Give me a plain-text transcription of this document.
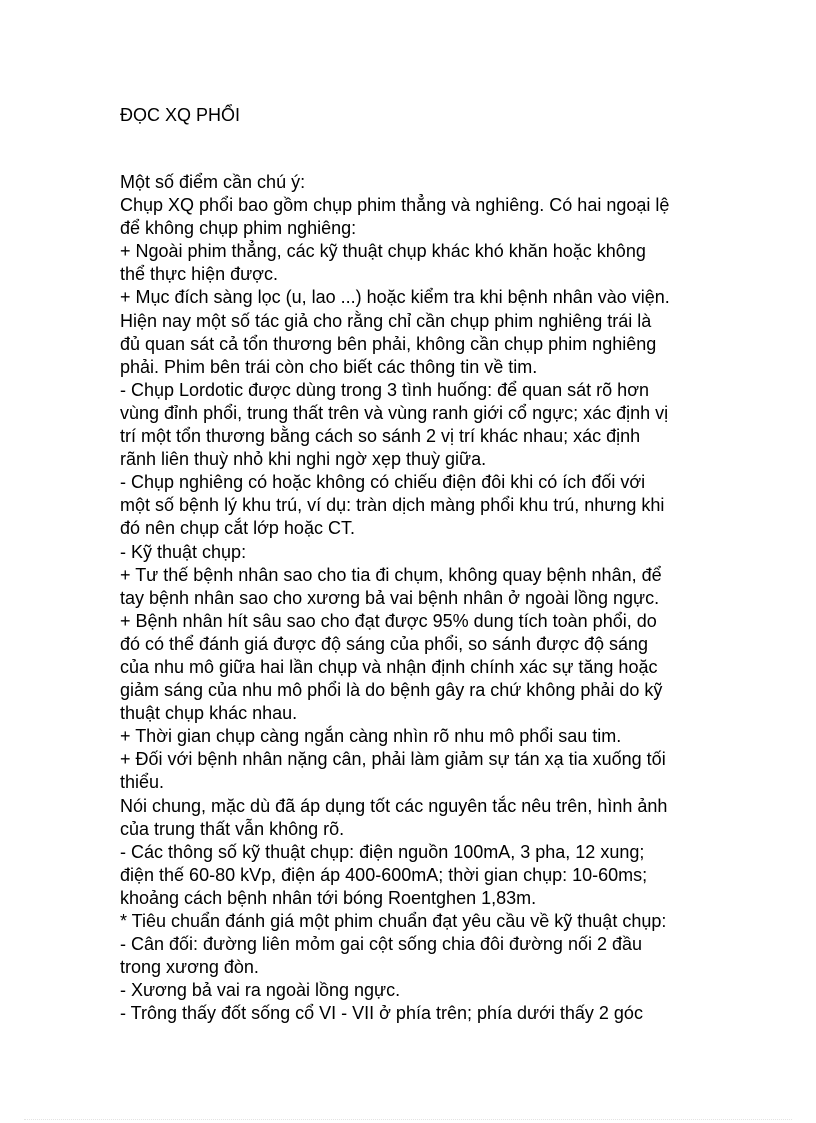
ĐỌC XQ PHỔI
Một số điểm cần chú ý:
Chụp XQ phổi bao gồm chụp phim thẳng và nghiêng. Có hai ngoại lệ
để không chụp phim nghiêng:
+ Ngoài phim thẳng, các kỹ thuật chụp khác khó khăn hoặc không
thể thực hiện được.
+ Mục đích sàng lọc (u, lao ...) hoặc kiểm tra khi bệnh nhân vào viện.
Hiện nay một số tác giả cho rằng chỉ cần chụp phim nghiêng trái là
đủ quan sát cả tổn thương bên phải, không cần chụp phim nghiêng
phải. Phim bên trái còn cho biết các thông tin về tim.
- Chụp Lordotic được dùng trong 3 tình huống: để quan sát rõ hơn
vùng đỉnh phổi, trung thất trên và vùng ranh giới cổ ngực; xác định vị
trí một tổn thương bằng cách so sánh 2 vị trí khác nhau; xác định
rãnh liên thuỳ nhỏ khi nghi ngờ xẹp thuỳ giữa.
- Chụp nghiêng có hoặc không có chiếu điện đôi khi có ích đối với
một số bệnh lý khu trú, ví dụ: tràn dịch màng phổi khu trú, nhưng khi
đó nên chụp cắt lớp hoặc CT.
- Kỹ thuật chụp:
+ Tư thế bệnh nhân sao cho tia đi chụm, không quay bệnh nhân, để
tay bệnh nhân sao cho xương bả vai bệnh nhân ở ngoài lồng ngực.
+ Bệnh nhân hít sâu sao cho đạt được 95% dung tích toàn phổi, do
đó có thể đánh giá được độ sáng của phổi, so sánh được độ sáng
của nhu mô giữa hai lần chụp và nhận định chính xác sự tăng hoặc
giảm sáng của nhu mô phổi là do bệnh gây ra chứ không phải do kỹ
thuật chụp khác nhau.
+ Thời gian chụp càng ngắn càng nhìn rõ nhu mô phổi sau tim.
+ Đối với bệnh nhân nặng cân, phải làm giảm sự tán xạ tia xuống tối
thiểu.
Nói chung, mặc dù đã áp dụng tốt các nguyên tắc nêu trên, hình ảnh
của trung thất vẫn không rõ.
- Các thông số kỹ thuật chụp: điện nguồn 100mA, 3 pha, 12 xung;
điện thế 60-80 kVp, điện áp 400-600mA; thời gian chụp: 10-60ms;
khoảng cách bệnh nhân tới bóng Roentghen 1,83m.
* Tiêu chuẩn đánh giá một phim chuẩn đạt yêu cầu về kỹ thuật chụp:
- Cân đối: đường liên mỏm gai cột sống chia đôi đường nối 2 đầu
trong xương đòn.
- Xương bả vai ra ngoài lồng ngực.
- Trông thấy đốt sống cổ VI - VII ở phía trên; phía dưới thấy 2 góc
